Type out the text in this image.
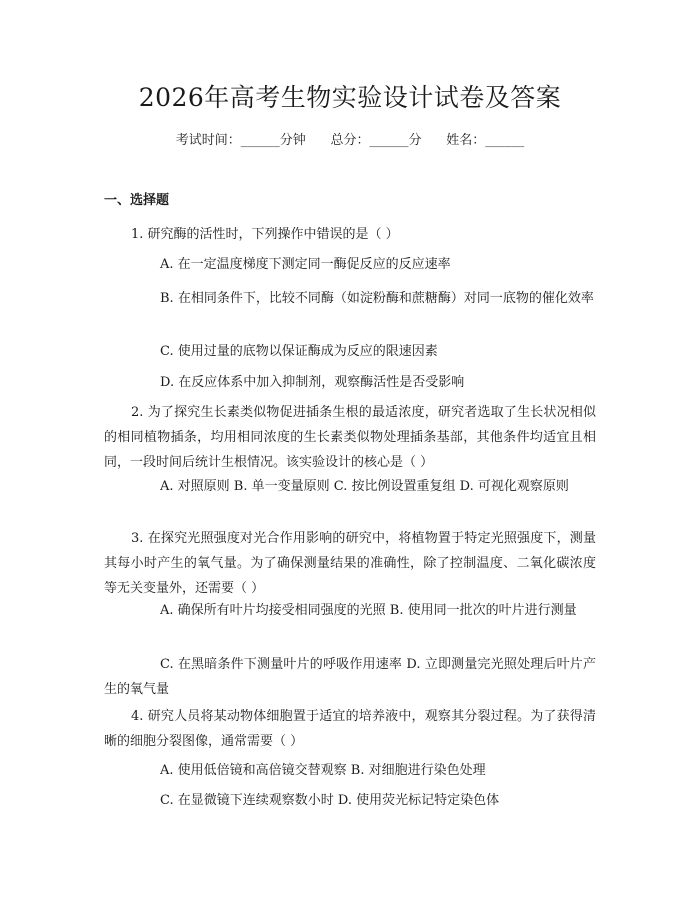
2026年高考生物实验设计试卷及答案
考试时间：______分钟      总分：______分      姓名：______
一、选择题
1. 研究酶的活性时，下列操作中错误的是（ ）
A. 在一定温度梯度下测定同一酶促反应的反应速率
B. 在相同条件下，比较不同酶（如淀粉酶和蔗糖酶）对同一底物的催化效率
C. 使用过量的底物以保证酶成为反应的限速因素
D. 在反应体系中加入抑制剂，观察酶活性是否受影响
2. 为了探究生长素类似物促进插条生根的最适浓度，研究者选取了生长状况相似的相同植物插条，均用相同浓度的生长素类似物处理插条基部，其他条件均适宜且相同，一段时间后统计生根情况。该实验设计的核心是（ ）
A. 对照原则 B. 单一变量原则 C. 按比例设置重复组 D. 可视化观察原则
3. 在探究光照强度对光合作用影响的研究中，将植物置于特定光照强度下，测量其每小时产生的氧气量。为了确保测量结果的准确性，除了控制温度、二氧化碳浓度等无关变量外，还需要（ ）
A. 确保所有叶片均接受相同强度的光照 B. 使用同一批次的叶片进行测量
C. 在黑暗条件下测量叶片的呼吸作用速率 D. 立即测量完光照处理后叶片产生的氧气量
4. 研究人员将某动物体细胞置于适宜的培养液中，观察其分裂过程。为了获得清晰的细胞分裂图像，通常需要（ ）
A. 使用低倍镜和高倍镜交替观察 B. 对细胞进行染色处理
C. 在显微镜下连续观察数小时 D. 使用荧光标记特定染色体
